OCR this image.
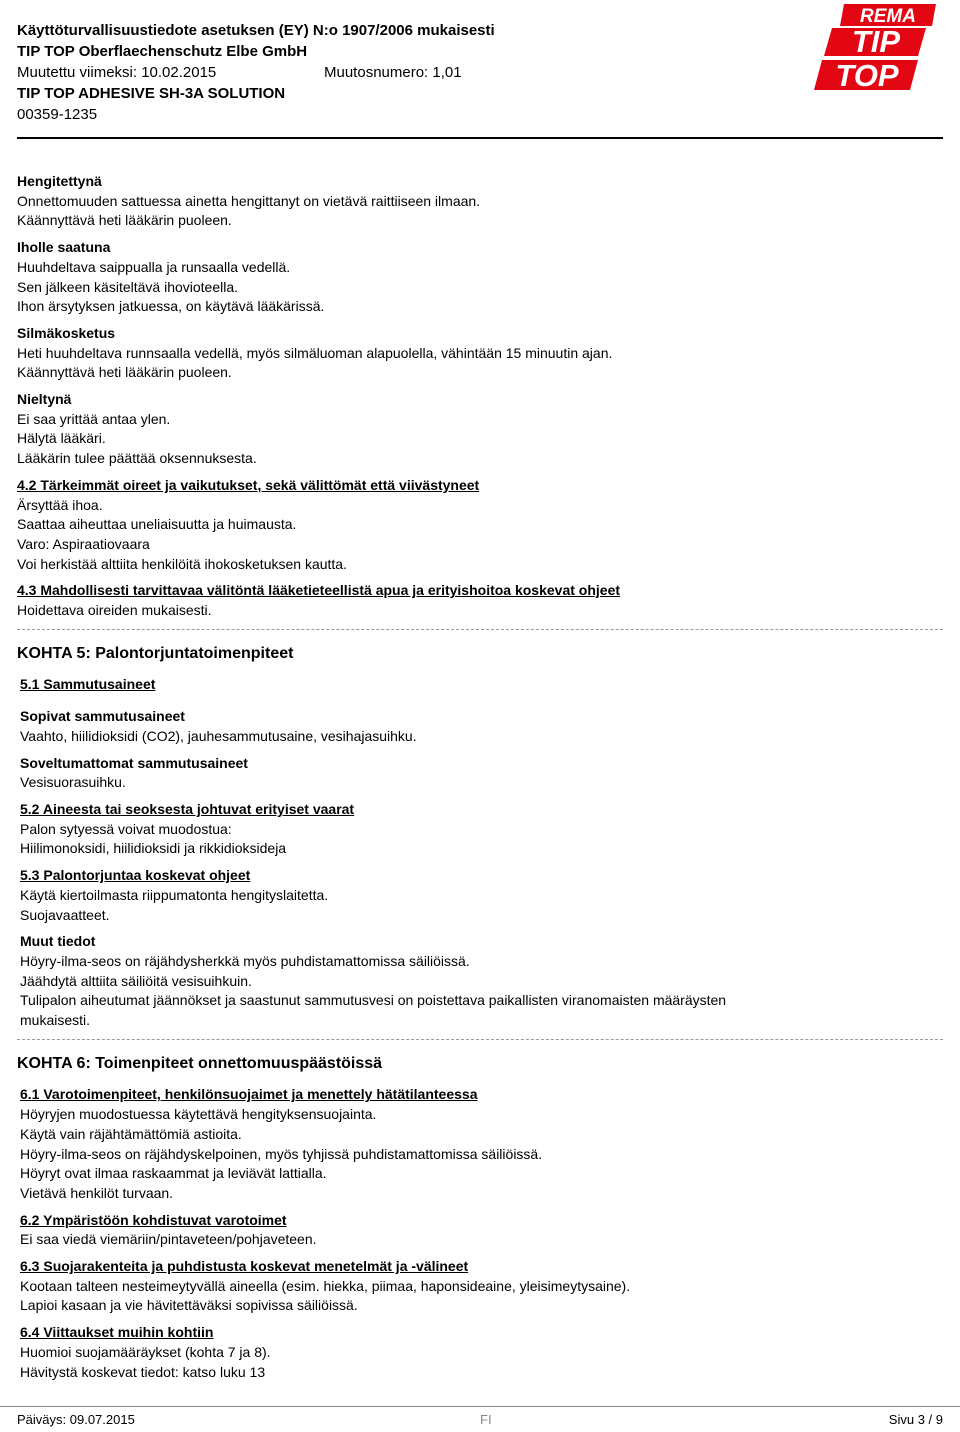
Käyttöturvallisuustiedote asetuksen (EY) N:o 1907/2006 mukaisesti
TIP TOP Oberflaechenschutz Elbe GmbH
Muutettu viimeksi: 10.02.2015	Muutosnumero: 1,01
TIP TOP ADHESIVE SH-3A SOLUTION
00359-1235
REMA
TIP
TOP
Hengitettynä
Onnettomuuden sattuessa ainetta hengittanyt on vietävä raittiiseen ilmaan.
Käännyttävä heti lääkärin puoleen.
Iholle saatuna
Huuhdeltava saippualla ja runsaalla vedellä.
Sen jälkeen käsiteltävä ihovioteella.
Ihon ärsytyksen jatkuessa, on käytävä lääkärissä.
Silmäkosketus
Heti huuhdeltava runnsaalla vedellä, myös silmäluoman alapuolella, vähintään 15 minuutin ajan.
Käännyttävä heti lääkärin puoleen.
Nieltynä
Ei saa yrittää antaa ylen.
Hälytä lääkäri.
Lääkärin tulee päättää oksennuksesta.
4.2 Tärkeimmät oireet ja vaikutukset, sekä välittömät että viivästyneet
Ärsyttää ihoa.
Saattaa aiheuttaa uneliaisuutta ja huimausta.
Varo: Aspiraatiovaara
Voi herkistää alttiita henkilöitä ihokosketuksen kautta.
4.3 Mahdollisesti tarvittavaa välitöntä lääketieteellistä apua ja erityishoitoa koskevat ohjeet
Hoidettava oireiden mukaisesti.
KOHTA 5: Palontorjuntatoimenpiteet
5.1 Sammutusaineet
Sopivat sammutusaineet
Vaahto, hiilidioksidi (CO2), jauhesammutusaine, vesihajasuihku.
Soveltumattomat sammutusaineet
Vesisuorasuihku.
5.2 Aineesta tai seoksesta johtuvat erityiset vaarat
Palon sytyessä voivat muodostua:
Hiilimonoksidi, hiilidioksidi ja rikkidioksideja
5.3 Palontorjuntaa koskevat ohjeet
Käytä kiertoilmasta riippumatonta hengityslaitetta.
Suojavaatteet.
Muut tiedot
Höyry-ilma-seos on räjähdysherkkä myös puhdistamattomissa säiliöissä.
Jäähdytä alttiita säiliöitä vesisuihkuin.
Tulipalon aiheutumat jäännökset ja saastunut sammutusvesi on poistettava paikallisten viranomaisten määräysten
mukaisesti.
KOHTA 6: Toimenpiteet onnettomuuspäästöissä
6.1 Varotoimenpiteet, henkilönsuojaimet ja menettely hätätilanteessa
Höyryjen muodostuessa käytettävä hengityksensuojainta.
Käytä vain räjähtämättömiä astioita.
Höyry-ilma-seos on räjähdyskelpoinen, myös tyhjissä puhdistamattomissa säiliöissä.
Höyryt ovat ilmaa raskaammat ja leviävät lattialla.
Vietävä henkilöt turvaan.
6.2 Ympäristöön kohdistuvat varotoimet
Ei saa viedä viemäriin/pintaveteen/pohjaveteen.
6.3 Suojarakenteita ja puhdistusta koskevat menetelmät ja -välineet
Kootaan talteen nesteimeytyvällä aineella (esim. hiekka, piimaa, haponsideaine, yleisimeytysaine).
Lapioi kasaan ja vie hävitettäväksi sopivissa säiliöissä.
6.4 Viittaukset muihin kohtiin
Huomioi suojamääräykset (kohta 7 ja 8).
Hävitystä koskevat tiedot: katso luku 13
Päiväys: 09.07.2015	FI	Sivu 3 / 9
